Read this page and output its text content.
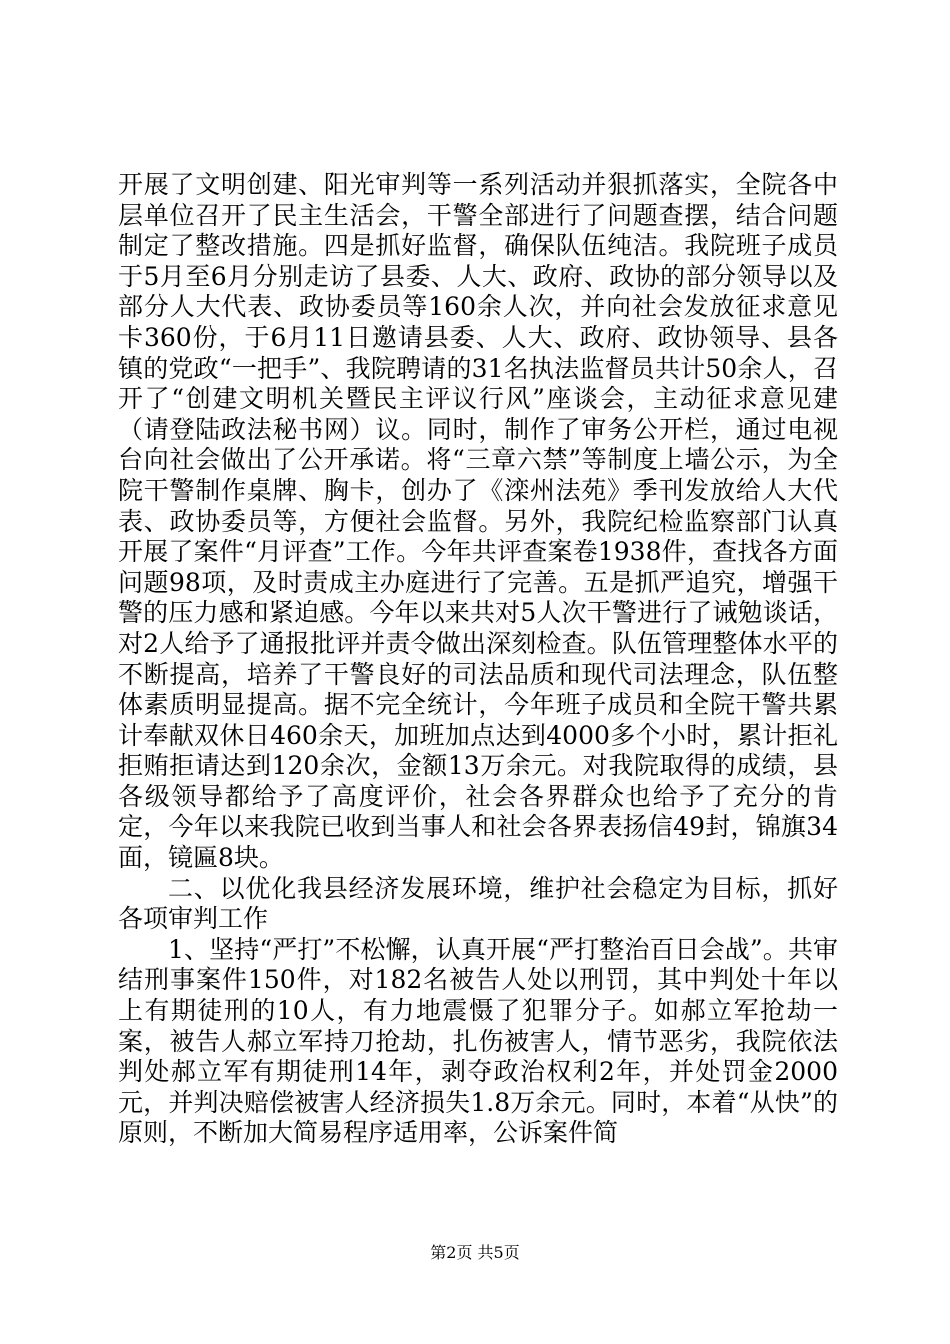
开展了文明创建、阳光审判等一系列活动并狠抓落实，全院各中层单位召开了民主生活会，干警全部进行了问题查摆，结合问题制定了整改措施。四是抓好监督，确保队伍纯洁。我院班子成员于5月至6月分别走访了县委、人大、政府、政协的部分领导以及部分人大代表、政协委员等160余人次，并向社会发放征求意见卡360份，于6月11日邀请县委、人大、政府、政协领导、县各镇的党政“一把手”、我院聘请的31名执法监督员共计50余人，召开了“创建文明机关暨民主评议行风”座谈会，主动征求意见建（请登陆政法秘书网）议。同时，制作了审务公开栏，通过电视台向社会做出了公开承诺。将“三章六禁”等制度上墙公示，为全院干警制作桌牌、胸卡，创办了《滦州法苑》季刊发放给人大代表、政协委员等，方便社会监督。另外，我院纪检监察部门认真开展了案件“月评查”工作。今年共评查案卷1938件，查找各方面问题98项，及时责成主办庭进行了完善。五是抓严追究，增强干警的压力感和紧迫感。今年以来共对5人次干警进行了诫勉谈话，对2人给予了通报批评并责令做出深刻检查。队伍管理整体水平的不断提高，培养了干警良好的司法品质和现代司法理念，队伍整体素质明显提高。据不完全统计，今年班子成员和全院干警共累计奉献双休日460余天，加班加点达到4000多个小时，累计拒礼拒贿拒请达到120余次，金额13万余元。对我院取得的成绩，县各级领导都给予了高度评价，社会各界群众也给予了充分的肯定，今年以来我院已收到当事人和社会各界表扬信49封，锦旗34面，镜匾8块。

二、以优化我县经济发展环境，维护社会稳定为目标，抓好各项审判工作

1、坚持“严打”不松懈，认真开展“严打整治百日会战”。共审结刑事案件150件，对182名被告人处以刑罚，其中判处十年以上有期徒刑的10人，有力地震慑了犯罪分子。如郝立军抢劫一案，被告人郝立军持刀抢劫，扎伤被害人，情节恶劣，我院依法判处郝立军有期徒刑14年，剥夺政治权利2年，并处罚金2000元，并判决赔偿被害人经济损失1.8万余元。同时，本着“从快”的原则，不断加大简易程序适用率，公诉案件简

第2页 共5页
